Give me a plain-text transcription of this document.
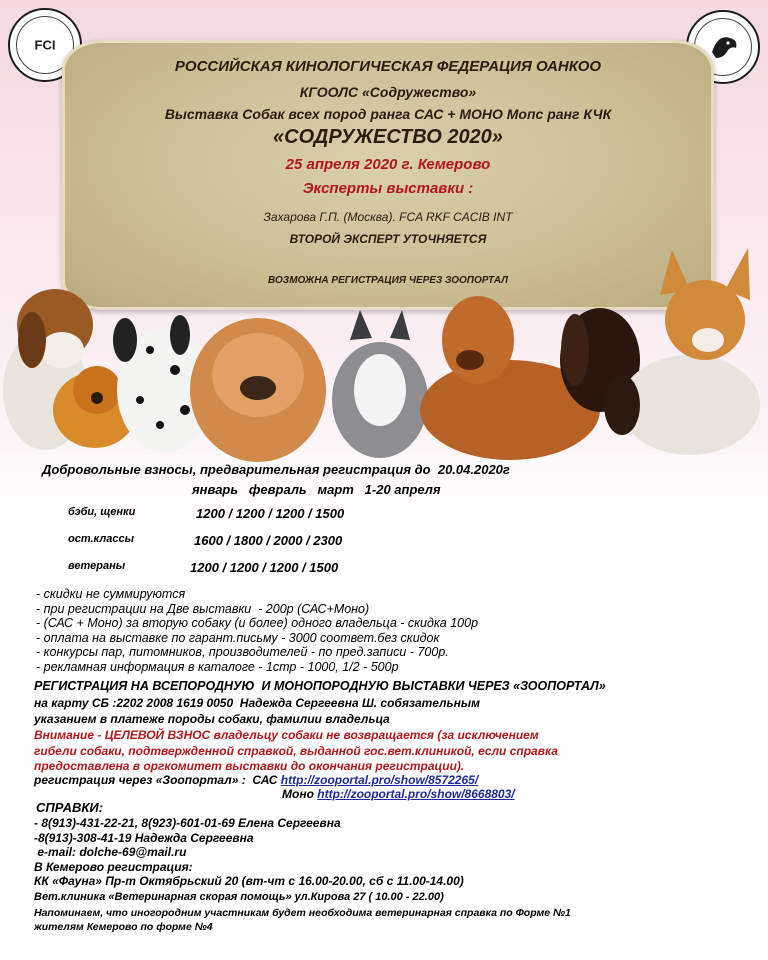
FCI
РОССИЙСКАЯ КИНОЛОГИЧЕСКАЯ ФЕДЕРАЦИЯ ОАНКОО
КГООЛС «Содружество»
Выставка Собак всех пород ранга САС + МОНО Мопс ранг КЧК
«СОДРУЖЕСТВО 2020»
25 апреля 2020 г. Кемерово
Эксперты выставки :
Захарова Г.П. (Москва). FCA RKF CACIB INT
ВТОРОЙ ЭКСПЕРТ УТОЧНЯЕТСЯ
ВОЗМОЖНА РЕГИСТРАЦИЯ ЧЕРЕЗ ЗООПОРТАЛ
Добровольные взносы, предварительная регистрация до  20.04.2020г
январь   февраль   март   1-20 апреля
бэби, щенки	1200 / 1200 / 1200 / 1500
ост.классы	1600 / 1800 / 2000 / 2300
ветераны	1200 / 1200 / 1200 / 1500
- скидки не суммируются
- при регистрации на Две выставки  - 200р (САС+Моно)
- (САС + Моно) за вторую собаку (и более) одного владельца - скидка 100р
- оплата на выставке по гарант.письму - 3000 соответ.без скидок
- конкурсы пар, питомников, производителей - по пред.записи - 700р.
- рекламная информация в каталоге - 1стр - 1000, 1/2 - 500р
РЕГИСТРАЦИЯ НА ВСЕПОРОДНУЮ  И МОНОПОРОДНУЮ ВЫСТАВКИ ЧЕРЕЗ «ЗООПОРТАЛ»
на карту СБ :2202 2008 1619 0050  Надежда Сергеевна Ш. собязательным
указанием в платеже породы собаки, фамилии владельца
Внимание - ЦЕЛЕВОЙ ВЗНОС владельцу собаки не возвращается (за исключением
гибели собаки, подтвержденной справкой, выданной гос.вет.клиникой, если справка
предоставлена в оргкомитет выставки до окончания регистрации).
регистрация через «Зоопортал» :  САС http://zooportal.pro/show/8572265/
Моно http://zooportal.pro/show/8668803/
СПРАВКИ:
- 8(913)-431-22-21, 8(923)-601-01-69 Елена Сергеевна
-8(913)-308-41-19 Надежда Сергеевна
e-mail: dolche-69@mail.ru
В Кемерово регистрация:
КК «Фауна» Пр-т Октябрьский 20 (вт-чт с 16.00-20.00, сб с 11.00-14.00)
Вет.клиника «Ветеринарная скорая помощь» ул.Кирова 27 ( 10.00 - 22.00)
Напоминаем, что иногородним участникам будет необходима ветеринарная справка по Форме №1
жителям Кемерово по форме №4
